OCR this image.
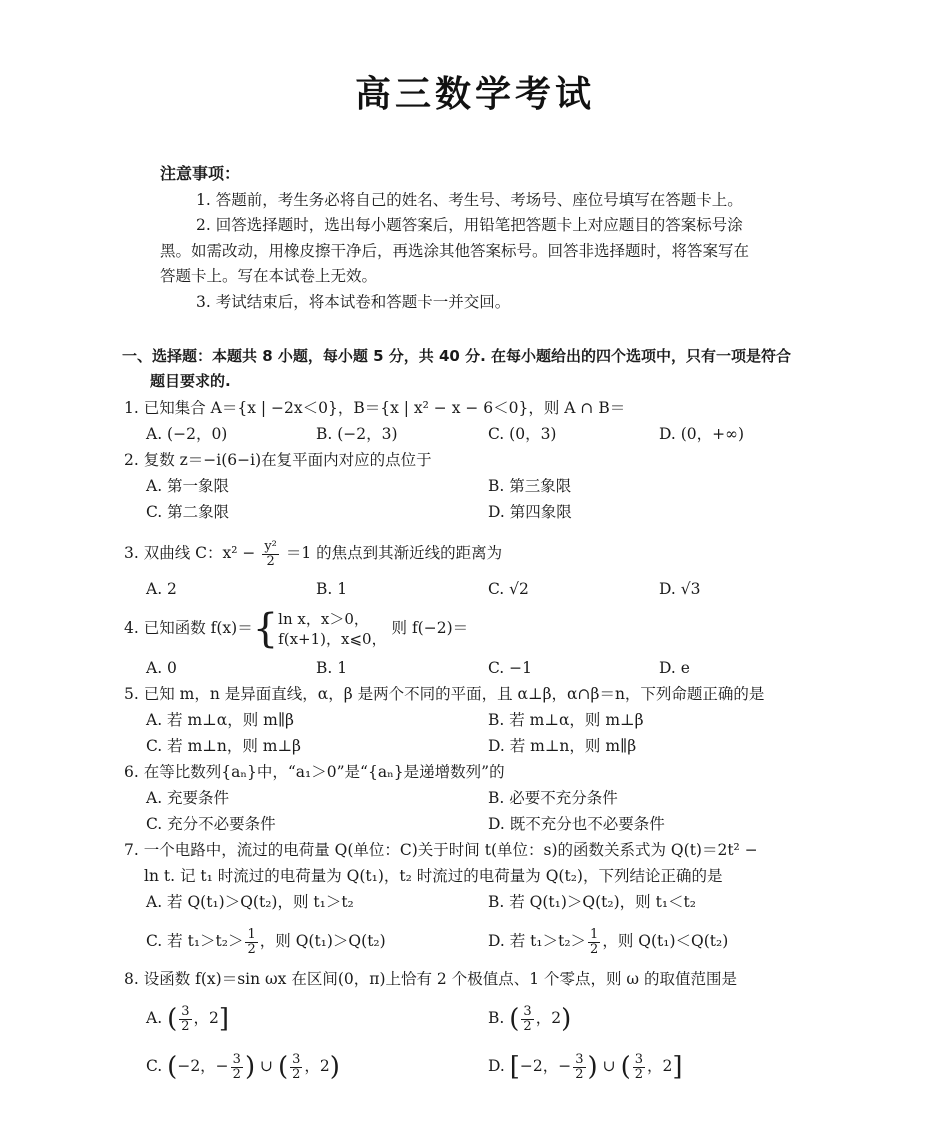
高三数学考试
注意事项：
1. 答题前，考生务必将自己的姓名、考生号、考场号、座位号填写在答题卡上。
2. 回答选择题时，选出每小题答案后，用铅笔把答题卡上对应题目的答案标号涂
黑。如需改动，用橡皮擦干净后，再选涂其他答案标号。回答非选择题时，将答案写在
答题卡上。写在本试卷上无效。
3. 考试结束后，将本试卷和答题卡一并交回。
一、选择题：本题共 8 小题，每小题 5 分，共 40 分. 在每小题给出的四个选项中，只有一项是符合
题目要求的.
1. 已知集合 A＝{x | −2x＜0}，B＝{x | x² − x − 6＜0}，则 A ∩ B＝
A. (−2，0)	B. (−2，3)	C. (0，3)	D. (0，+∞)
2. 复数 z＝−i(6−i)在复平面内对应的点位于
A. 第一象限	B. 第三象限
C. 第二象限	D. 第四象限
3. 双曲线 C：$x^2 - \frac{\text{y²}}{2} =1$ 的焦点到其渐近线的距离为
A. 2	B. 1	C. √2	D. √3
4. 已知函数 f(x)＝{ ln x，x＞0，
f(x+1)，x⩽0，
则 f(−2)＝
A. 0	B. 1	C. −1	D. e
5. 已知 m，n 是异面直线，α，β 是两个不同的平面，且 α⊥β，α∩β＝n，下列命题正确的是
A. 若 m⊥α，则 m∥β	B. 若 m⊥α，则 m⊥β
C. 若 m⊥n，则 m⊥β	D. 若 m⊥n，则 m∥β
6. 在等比数列{aₙ}中，“a₁＞0”是“{aₙ}是递增数列”的
A. 充要条件	B. 必要不充分条件
C. 充分不必要条件	D. 既不充分也不必要条件
7. 一个电路中，流过的电荷量 Q(单位：C)关于时间 t(单位：s)的函数关系式为 Q(t)＝2t² −
ln t. 记 t₁ 时流过的电荷量为 Q(t₁)，t₂ 时流过的电荷量为 Q(t₂)，下列结论正确的是
A. 若 Q(t₁)＞Q(t₂)，则 t₁＞t₂	B. 若 Q(t₁)＞Q(t₂)，则 t₁＜t₂
C. 若 $t_1>t_2> \frac{1}{2}$ ，则 Q(t₁)＞Q(t₂)	D. 若 $t_1>t_2> \frac{1}{2}$ ，则 Q(t₁)＜Q(t₂)
8. 设函数 f(x)＝sin ωx 在区间(0，π)上恰有 2 个极值点、1 个零点，则 ω 的取值范围是
A. ( $\frac{3}{2}$ ，2]	B. ( $\frac{3}{2}$ ，2)
C. (−2，− $\frac{3}{2}$ ) ∪ ( $\frac{3}{2}$ ，2)	D. [−2，− $\frac{3}{2}$ ) ∪ ( $\frac{3}{2}$ ，2]
